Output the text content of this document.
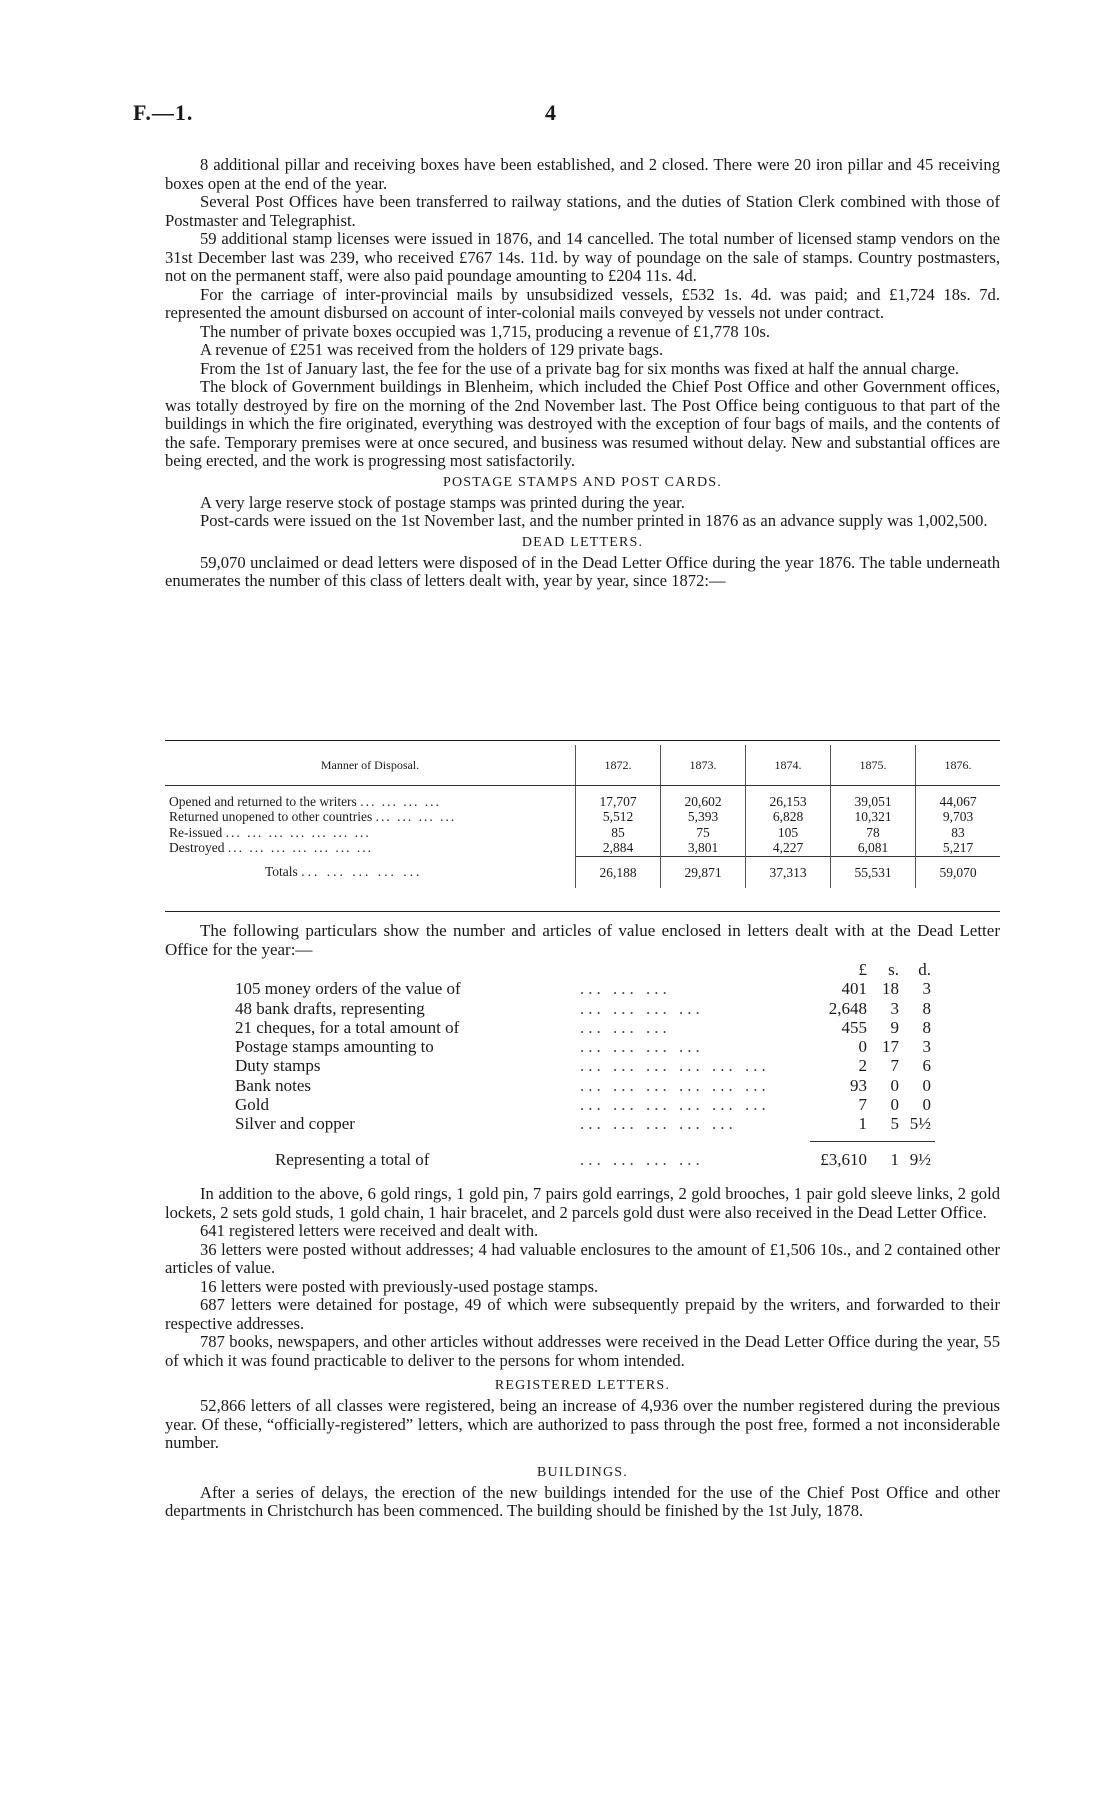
F.—1.	4

8 additional pillar and receiving boxes have been established, and 2 closed. There were 20 iron pillar and 45 receiving boxes open at the end of the year.

Several Post Offices have been transferred to railway stations, and the duties of Station Clerk combined with those of Postmaster and Telegraphist.

59 additional stamp licenses were issued in 1876, and 14 cancelled. The total number of licensed stamp vendors on the 31st December last was 239, who received £767 14s. 11d. by way of poundage on the sale of stamps. Country postmasters, not on the permanent staff, were also paid poundage amounting to £204 11s. 4d.

For the carriage of inter-provincial mails by unsubsidized vessels, £532 1s. 4d. was paid; and £1,724 18s. 7d. represented the amount disbursed on account of inter-colonial mails conveyed by vessels not under contract.

The number of private boxes occupied was 1,715, producing a revenue of £1,778 10s.

A revenue of £251 was received from the holders of 129 private bags.

From the 1st of January last, the fee for the use of a private bag for six months was fixed at half the annual charge.

The block of Government buildings in Blenheim, which included the Chief Post Office and other Government offices, was totally destroyed by fire on the morning of the 2nd November last. The Post Office being contiguous to that part of the buildings in which the fire originated, everything was destroyed with the exception of four bags of mails, and the contents of the safe. Temporary premises were at once secured, and business was resumed without delay. New and substantial offices are being erected, and the work is progressing most satisfactorily.

POSTAGE STAMPS AND POST CARDS.

A very large reserve stock of postage stamps was printed during the year.

Post-cards were issued on the 1st November last, and the number printed in 1876 as an advance supply was 1,002,500.

DEAD LETTERS.

59,070 unclaimed or dead letters were disposed of in the Dead Letter Office during the year 1876. The table underneath enumerates the number of this class of letters dealt with, year by year, since 1872:—

Manner of Disposal.	1872.	1873.	1874.	1875.	1876.

Opened and returned to the writers ... ... ... ...	17,707	20,602	26,153	39,051	44,067
Returned unopened to other countries ... ... ... ...	5,512	5,393	6,828	10,321	9,703
Re-issued ... ... ... ... ... ... ...	85	75	105	78	83
Destroyed ... ... ... ... ... ... ...	2,884	3,801	4,227	6,081	5,217
Totals ... ... ... ... ...	26,188	29,871	37,313	55,531	59,070

The following particulars show the number and articles of value enclosed in letters dealt with at the Dead Letter Office for the year:—

£ s. d.
105 money orders of the value of	... ... ...	401 18 3
48 bank drafts, representing	... ... ... ...	2,648 3 8
21 cheques, for a total amount of	... ... ...	455 9 8
Postage stamps amounting to	... ... ... ...	0 17 3
Duty stamps	... ... ... ... ... ...	2 7 6
Bank notes	... ... ... ... ... ...	93 0 0
Gold	... ... ... ... ... ...	7 0 0
Silver and copper	... ... ... ... ...	1 5 5½
Representing a total of	... ... ... ...	£3,610 1 9½

In addition to the above, 6 gold rings, 1 gold pin, 7 pairs gold earrings, 2 gold brooches, 1 pair gold sleeve links, 2 gold lockets, 2 sets gold studs, 1 gold chain, 1 hair bracelet, and 2 parcels gold dust were also received in the Dead Letter Office.

641 registered letters were received and dealt with.

36 letters were posted without addresses; 4 had valuable enclosures to the amount of £1,506 10s., and 2 contained other articles of value.

16 letters were posted with previously-used postage stamps.

687 letters were detained for postage, 49 of which were subsequently prepaid by the writers, and forwarded to their respective addresses.

787 books, newspapers, and other articles without addresses were received in the Dead Letter Office during the year, 55 of which it was found practicable to deliver to the persons for whom intended.

REGISTERED LETTERS.

52,866 letters of all classes were registered, being an increase of 4,936 over the number registered during the previous year. Of these, “officially-registered” letters, which are authorized to pass through the post free, formed a not inconsiderable number.

BUILDINGS.

After a series of delays, the erection of the new buildings intended for the use of the Chief Post Office and other departments in Christchurch has been commenced. The building should be finished by the 1st July, 1878.
